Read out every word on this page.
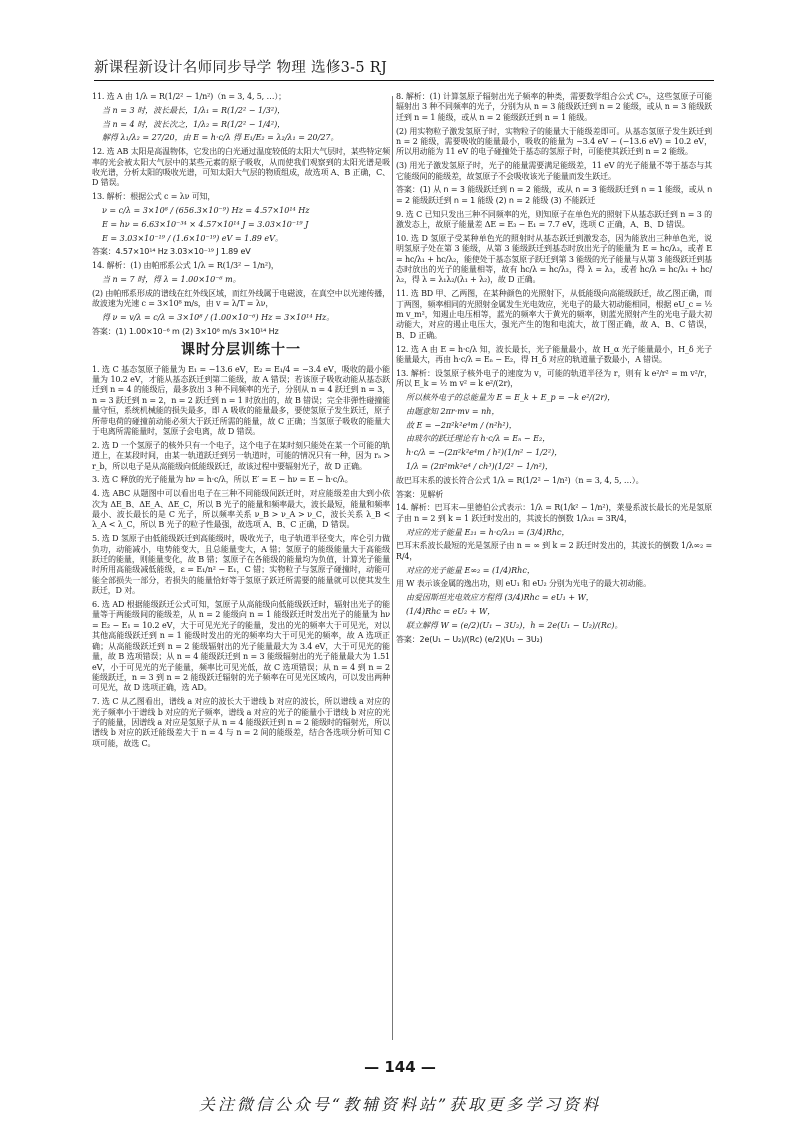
新课程新设计名师同步导学 物理 选修3-5 RJ

11. 选 A 由 1/λ = R(1/2² − 1/n²)（n = 3, 4, 5, …）；

当 n = 3 时，波长最长，1/λ₁ = R(1/2² − 1/3²)，

当 n = 4 时，波长次之，1/λ₂ = R(1/2² − 1/4²)，

解得 λ₁/λ₂ = 27/20，由 E = h·c/λ 得 E₁/E₂ = λ₂/λ₁ = 20/27。

12. 选 AB 太阳是高温物体，它发出的白光通过温度较低的太阳大气层时，某些特定频率的光会被太阳大气层中的某些元素的原子吸收，从而使我们观察到的太阳光谱是吸收光谱，分析太阳的吸收光谱，可知太阳大气层的物质组成，故选项 A、B 正确，C、D 错误。

13. 解析：根据公式 c = λν 可知，

ν = c/λ = 3×10⁸ / (656.3×10⁻⁹) Hz = 4.57×10¹⁴ Hz

E = hν = 6.63×10⁻³⁴ × 4.57×10¹⁴ J = 3.03×10⁻¹⁹ J

E = 3.03×10⁻¹⁹ / (1.6×10⁻¹⁹) eV = 1.89 eV。

答案：4.57×10¹⁴ Hz 3.03×10⁻¹⁹ J 1.89 eV

14. 解析：(1) 由帕邢系公式 1/λ = R(1/3² − 1/n²)，

当 n = 7 时，得 λ = 1.00×10⁻⁶ m。

(2) 由帕邢系形成的谱线在红外线区域，而红外线属于电磁波，在真空中以光速传播，故波速为光速 c = 3×10⁸ m/s，由 v = λ/T = λν，

得 ν = v/λ = c/λ = 3×10⁸ / (1.00×10⁻⁶) Hz = 3×10¹⁴ Hz。

答案：(1) 1.00×10⁻⁶ m (2) 3×10⁸ m/s 3×10¹⁴ Hz

课时分层训练十一

1. 选 C 基态氢原子能量为 E₁ = −13.6 eV，E₂ = E₁/4 = −3.4 eV，吸收的最小能量为 10.2 eV，才能从基态跃迁到第二能级，故 A 错误；若该原子吸收动能从基态跃迁到 n = 4 的能级后，最多放出 3 种不同频率的光子，分别从 n = 4 跃迁到 n = 3，n = 3 跃迁到 n = 2，n = 2 跃迁到 n = 1 时放出的，故 B 错误；完全非弹性碰撞能量守恒，系统机械能的损失最多，即 A 吸收的能量最多，要使氢原子发生跃迁，原子所带电荷的碰撞前动能必须大于跃迁所需的能量，故 C 正确；当氢原子吸收的能量大于电离所需能量时，氢原子会电离，故 D 错误。

2. 选 D 一个氢原子的核外只有一个电子，这个电子在某时刻只能处在某一个可能的轨道上，在某段时间，由某一轨道跃迁到另一轨道时，可能的情况只有一种，因为 rₐ > r_b，所以电子是从高能级向低能级跃迁，故该过程中要辐射光子，故 D 正确。

3. 选 C 释放的光子能量为 hν = h·c/λ，所以 E′ = E − hν = E − h·c/λ。

4. 选 ABC 从题图中可以看出电子在三种不同能级间跃迁时，对应能级差由大到小依次为 ΔE_B、ΔE_A、ΔE_C，所以 B 光子的能量和频率最大，波长最短，能量和频率最小、波长最长的是 C 光子，所以频率关系 ν_B > ν_A > ν_C，波长关系 λ_B < λ_A < λ_C，所以 B 光子的粒子性最强，故选项 A、B、C 正确，D 错误。

5. 选 D 氢原子由低能级跃迁到高能级时，吸收光子，电子轨道半径变大，库仑引力做负功，动能减小，电势能变大，且总能量变大，A 错；氢原子的能级能量大于高能级跃迁的能量，则能量变化，故 B 错；氢原子在各能级的能量均为负值，计算光子能量时所用高能级减低能级，ε = E₁/n² − E₁，C 错；实物粒子与氢原子碰撞时，动能可能全部损失一部分，若损失的能量恰好等于氢原子跃迁所需要的能量就可以使其发生跃迁，D 对。

6. 选 AD 根据能级跃迁公式可知，氢原子从高能级向低能级跃迁时，辐射出光子的能量等于两能级间的能级差，从 n = 2 能级向 n = 1 能级跃迁时发出光子的能量为 hν = E₂ − E₁ = 10.2 eV，大于可见光光子的能量，发出的光的频率大于可见光，对以其他高能级跃迁到 n = 1 能级时发出的光的频率均大于可见光的频率，故 A 选项正确；从高能级跃迁到 n = 2 能级辐射出的光子能量最大为 3.4 eV，大于可见光的能量，故 B 选项错误；从 n = 4 能级跃迁到 n = 3 能级辐射出的光子能量最大为 1.51 eV，小于可见光的光子能量，频率比可见光低，故 C 选项错误；从 n = 4 到 n = 2 能级跃迁，n = 3 到 n = 2 能级跃迁辐射的光子频率在可见光区域内，可以发出两种可见光，故 D 选项正确，选 AD。

7. 选 C 从乙图看出，谱线 a 对应的波长大于谱线 b 对应的波长，所以谱线 a 对应的光子频率小于谱线 b 对应的光子频率，谱线 a 对应的光子的能量小于谱线 b 对应的光子的能量，因谱线 a 对应是氢原子从 n = 4 能级跃迁到 n = 2 能级时的辐射光，所以谱线 b 对应的跃迁能级差大于 n = 4 与 n = 2 间的能级差，结合各选项分析可知 C 项可能，故选 C。

8. 解析：(1) 计算氢原子辐射出光子频率的种类，需要数学组合公式 C²ₙ，这些氢原子可能辐射出 3 种不同频率的光子，分别为从 n = 3 能级跃迁到 n = 2 能级，或从 n = 3 能级跃迁到 n = 1 能级，或从 n = 2 能级跃迁到 n = 1 能级。

(2) 用实物粒子激发氢原子时，实物粒子的能量大于能级差即可。从基态氢原子发生跃迁到 n = 2 能级，需要吸收的能量最小，吸收的能量为 −3.4 eV − (−13.6 eV) = 10.2 eV，所以用动能为 11 eV 的电子碰撞处于基态的氢原子时，可能使其跃迁到 n = 2 能级。

(3) 用光子激发氢原子时，光子的能量需要满足能级差，11 eV 的光子能量不等于基态与其它能级间的能级差，故氢原子不会吸收该光子能量而发生跃迁。

答案：(1) 从 n = 3 能级跃迁到 n = 2 能级，或从 n = 3 能级跃迁到 n = 1 能级，或从 n = 2 能级跃迁到 n = 1 能级 (2) n = 2 能级 (3) 不能跃迁

9. 选 C 已知只发出三种不同频率的光，则知原子在单色光的照射下从基态跃迁到 n = 3 的激发态上，故原子能量差 ΔE = E₃ − E₁ = 7.7 eV，选项 C 正确，A、B、D 错误。

10. 选 D 氢原子受某种单色光的照射时从基态跃迁到激发态，因为能放出三种单色光，说明氢原子处在第 3 能级，从第 3 能级跃迁到基态时放出光子的能量为 E = hc/λ₃，或者 E = hc/λ₁ + hc/λ₂，能使处于基态氢原子跃迁到第 3 能级的光子能量与从第 3 能级跃迁到基态时放出的光子的能量相等，故有 hc/λ = hc/λ₃，得 λ = λ₃，或者 hc/λ = hc/λ₁ + hc/λ₂，得 λ = λ₁λ₂/(λ₁ + λ₂)，故 D 正确。

11. 选 BD 甲、乙两图，在某种颜色的光照射下，从低能级向高能级跃迁，故乙图正确，而丁两图，频率相同的光照射金属发生光电效应，光电子的最大初动能相同，根据 eU_c = ½ m v_m²，知遏止电压相等，蓝光的频率大于黄光的频率，则蓝光照射产生的光电子最大初动能大，对应的遏止电压大，强光产生的饱和电流大，故丁图正确，故 A、B、C 错误，B、D 正确。

12. 选 A 由 E = h·c/λ 知，波长最长，光子能量最小，故 H_α 光子能量最小，H_δ 光子能量最大，再由 h·c/λ = Eₙ − E₂，得 H_δ 对应的轨道量子数最小，A 错误。

13. 解析：设氢原子核外电子的速度为 v，可能的轨道半径为 r，则有 k e²/r² = m v²/r，所以 E_k = ½ m v² = k e²/(2r)，

所以核外电子的总能量为 E = E_k + E_p = −k e²/(2r)，

由题意知 2πr·mv = nh，

故 E = −2π²k²e⁴m / (n²h²)，

由玻尔的跃迁理论有 h·c/λ = Eₙ − E₂，

h·c/λ = −(2π²k²e⁴m / h²)(1/n² − 1/2²)，

1/λ = (2π²mk²e⁴ / ch³)(1/2² − 1/n²)，

故巴耳末系的波长符合公式 1/λ = R(1/2² − 1/n²)（n = 3, 4, 5, …）。

答案：见解析

14. 解析：巴耳末—里德伯公式表示：1/λ = R(1/k² − 1/n²)，莱曼系波长最长的光是氢原子由 n = 2 到 k = 1 跃迁时发出的，其波长的倒数 1/λ₂₁ = 3R/4，

对应的光子能量 E₂₁ = h·c/λ₂₁ = (3/4)Rhc，

巴耳末系波长最短的光是氢原子由 n = ∞ 到 k = 2 跃迁时发出的，其波长的倒数 1/λ∞₂ = R/4，

对应的光子能量 E∞₂ = (1/4)Rhc，

用 W 表示该金属的逸出功，则 eU₁ 和 eU₂ 分别为光电子的最大初动能。

由爱因斯坦光电效应方程得 (3/4)Rhc = eU₁ + W，

(1/4)Rhc = eU₂ + W，

联立解得 W = (e/2)(U₁ − 3U₂)，h = 2e(U₁ − U₂)/(Rc)。

答案：2e(U₁ − U₂)/(Rc) (e/2)(U₁ − 3U₂)

— 144 —
关注微信公众号“教辅资料站”获取更多学习资料
